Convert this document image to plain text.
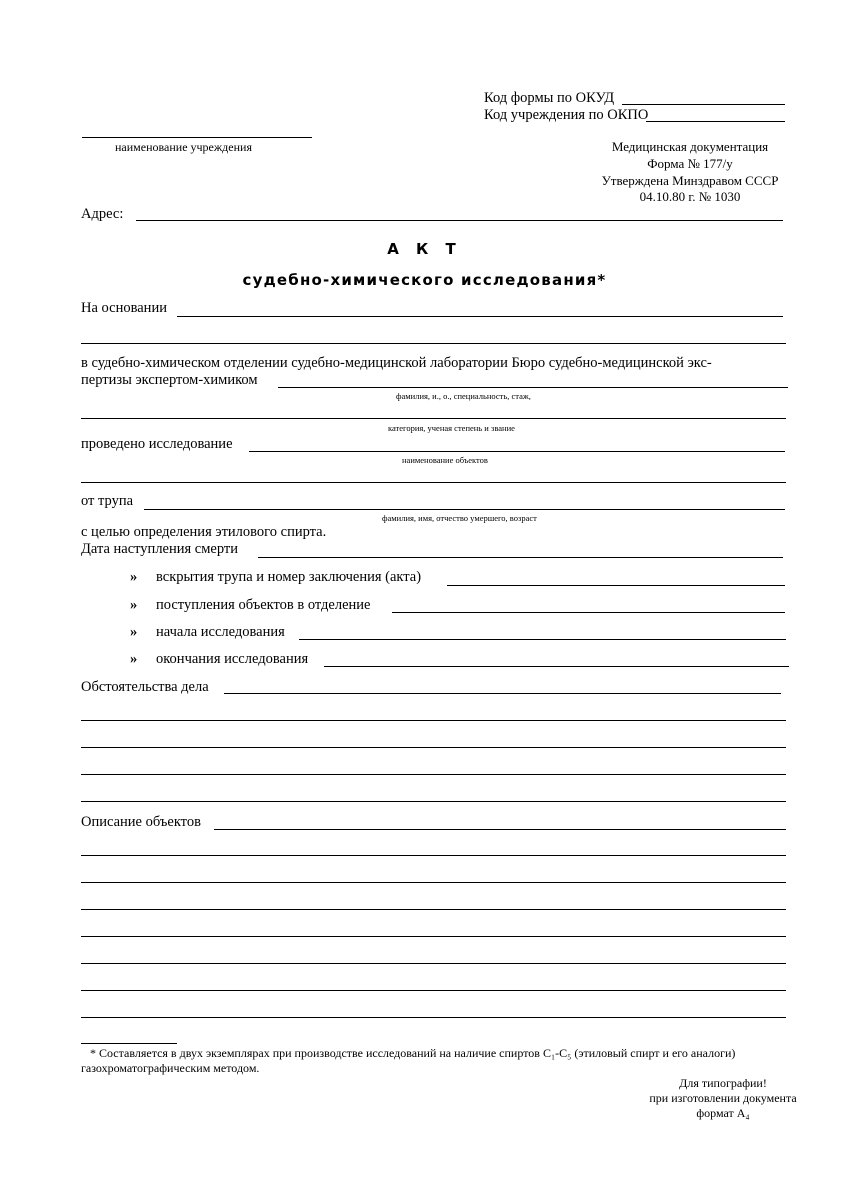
Код формы по ОКУД
Код учреждения по ОКПО
наименование учреждения	Медицинская документация
Форма № 177/у
Утверждена Минздравом СССР
04.10.80 г. № 1030
Адрес:
А К Т
судебно-химического исследования*
На основании
в судебно-химическом отделении судебно-медицинской лаборатории Бюро судебно-медицинской экс-
пертизы экспертом-химиком
фамилия, и., о., специальность, стаж,
категория, ученая степень и звание
проведено исследование
наименование объектов
от трупа
фамилия, имя, отчество умершего, возраст
с целью определения этилового спирта.
Дата наступления смерти
» вскрытия трупа и номер заключения (акта)
» поступления объектов в отделение
» начала исследования
» окончания исследования
Обстоятельства дела
Описание объектов
* Составляется в двух экземплярах при производстве исследований на наличие спиртов С₁-С₅ (этиловый спирт и его аналоги)
газохроматографическим методом.
Для типографии!
при изготовлении документа
формат А₄
